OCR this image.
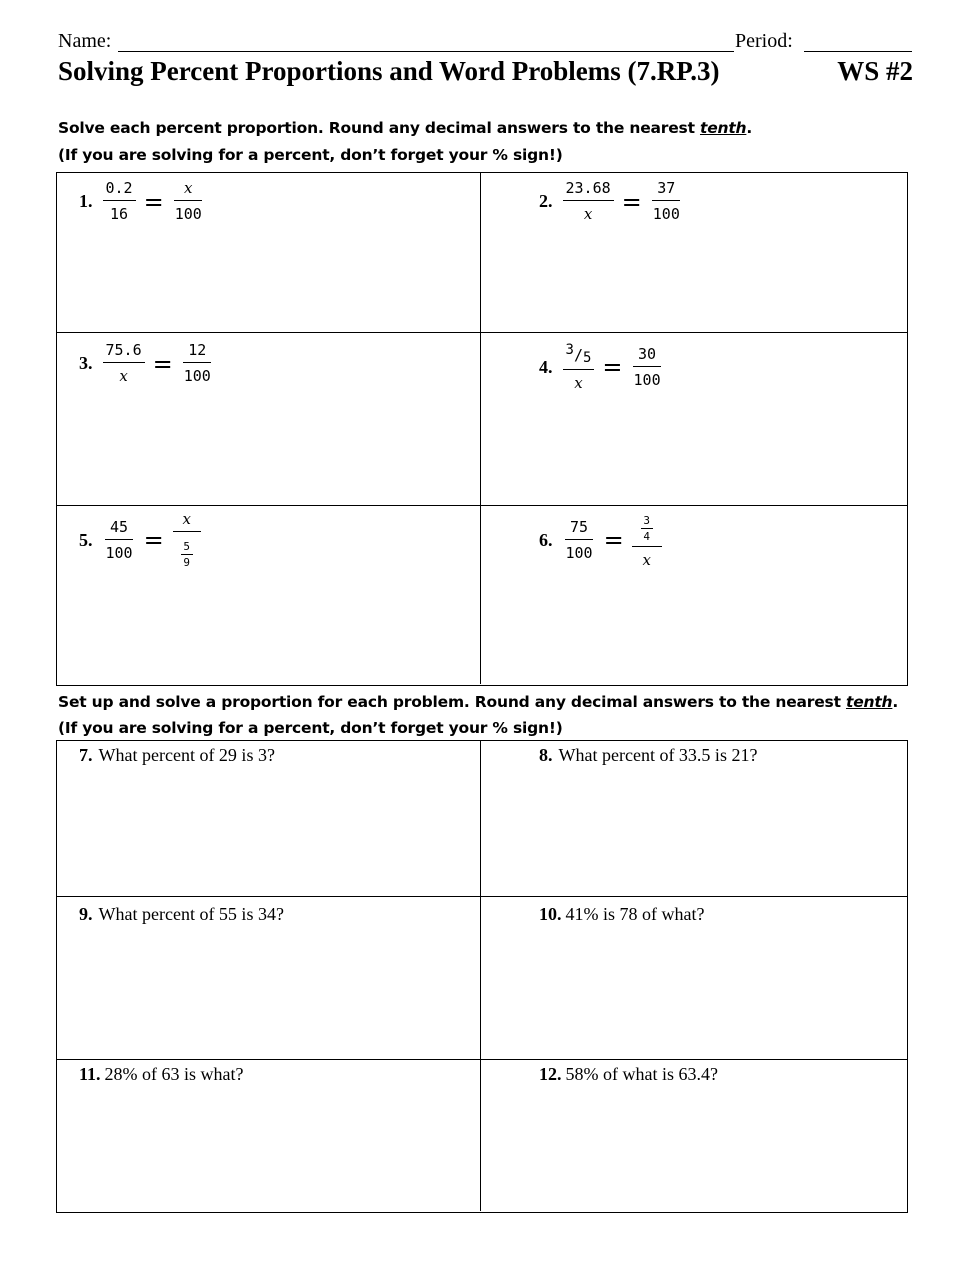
Name:	Period:
Solving Percent Proportions and Word Problems (7.RP.3)	WS #2
Solve each percent proportion. Round any decimal answers to the nearest tenth.
(If you are solving for a percent, don’t forget your % sign!)
1. $\frac{0.2}{16} = \frac{x}{100}$	2. $\frac{23.68}{x} = \frac{37}{100}$
3. $\frac{75.6}{x} = \frac{12}{100}$	4. $\frac{^3/_5}{x} = \frac{30}{100}$
5. $\frac{45}{100} = \frac{x}{\frac{5}{9}}$	6. $\frac{75}{100} = \frac{\frac{3}{4}}{x}$
Set up and solve a proportion for each problem. Round any decimal answers to the nearest tenth.
(If you are solving for a percent, don’t forget your % sign!)
7. What percent of 29 is 3?	8. What percent of 33.5 is 21?
9. What percent of 55 is 34?	10. 41% is 78 of what?
11. 28% of 63 is what?	12. 58% of what is 63.4?
